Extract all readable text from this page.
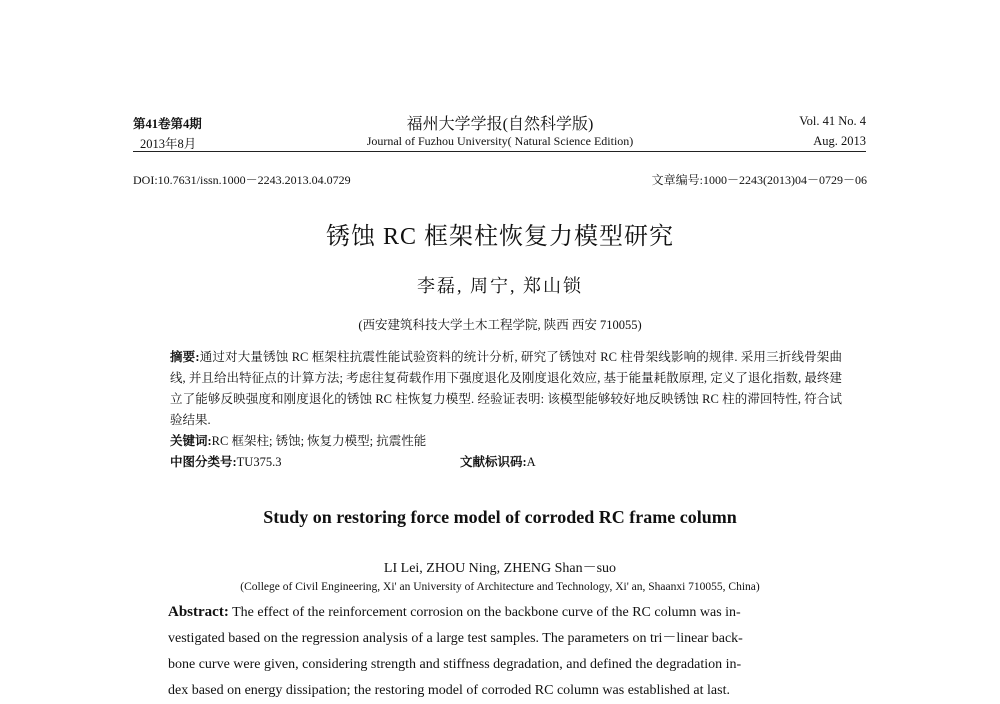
第41卷第4期
2013年8月
福州大学学报(自然科学版)
Journal of Fuzhou University( Natural Science Edition)
Vol. 41 No. 4
Aug. 2013
DOI:10.7631/issn.1000－2243.2013.04.0729	文章编号:1000－2243(2013)04－0729－06
锈蚀 RC 框架柱恢复力模型研究
李磊, 周宁, 郑山锁
(西安建筑科技大学土木工程学院, 陕西 西安 710055)

摘要:通过对大量锈蚀 RC 框架柱抗震性能试验资料的统计分析, 研究了锈蚀对 RC 柱骨架线影响的规律. 采用三折线骨架曲线, 并且给出特征点的计算方法; 考虑往复荷载作用下强度退化及刚度退化效应, 基于能量耗散原理, 定义了退化指数, 最终建立了能够反映强度和刚度退化的锈蚀 RC 柱恢复力模型. 经验证表明: 该模型能够较好地反映锈蚀 RC 柱的滞回特性, 符合试验结果.

关键词:RC 框架柱; 锈蚀; 恢复力模型; 抗震性能

中图分类号:TU375.3	文献标识码:A

Study on restoring force model of corroded RC frame column
LI Lei, ZHOU Ning, ZHENG Shan－suo
(College of Civil Engineering, Xi' an University of Architecture and Technology, Xi' an, Shaanxi 710055, China)
Abstract: The effect of the reinforcement corrosion on the backbone curve of the RC column was in-
vestigated based on the regression analysis of a large test samples. The parameters on tri－linear back-
bone curve were given, considering strength and stiffness degradation, and defined the degradation in-
dex based on energy dissipation; the restoring model of corroded RC column was established at last.
